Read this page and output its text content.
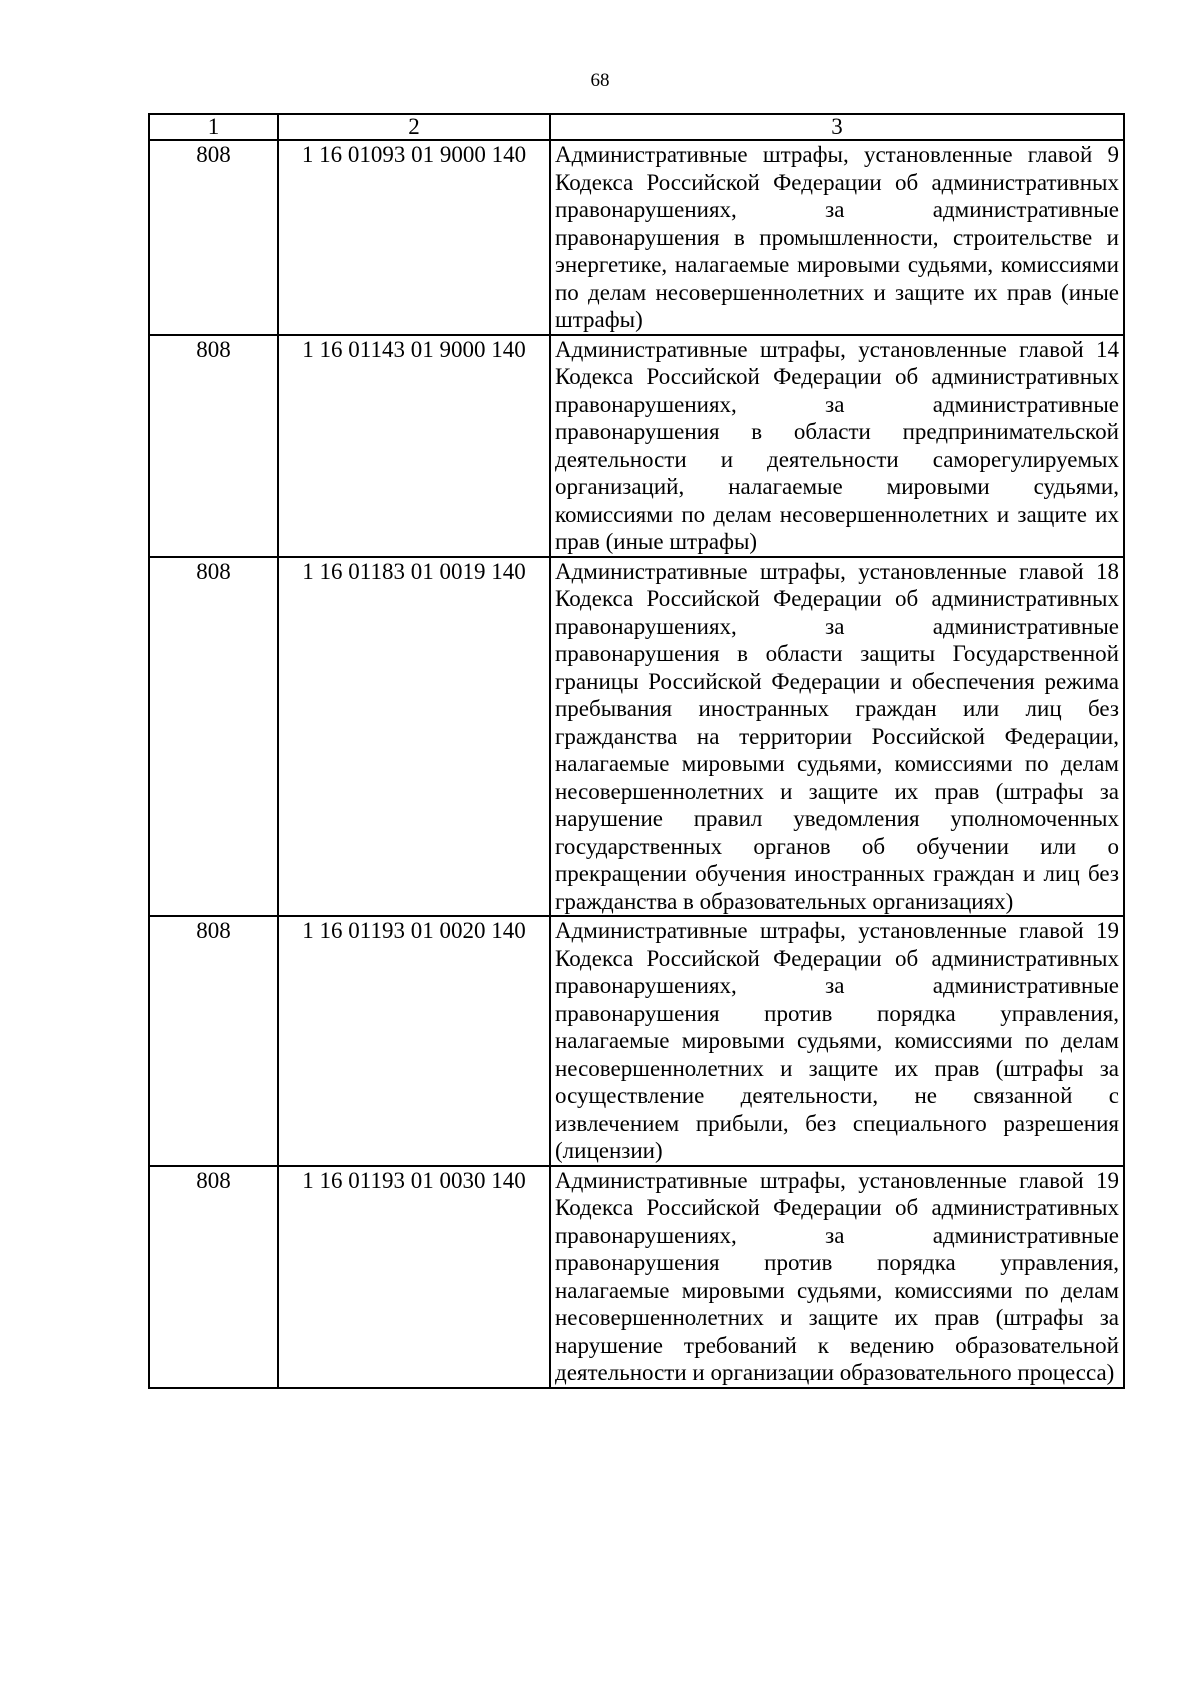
68
1	2	3
808	1 16 01093 01 9000 140	Административные штрафы, установленные главой 9 Кодекса Российской Федерации об административных правонарушениях, за административные правонарушения в промышленности, строительстве и энергетике, налагаемые мировыми судьями, комиссиями по делам несовершеннолетних и защите их прав (иные штрафы)
808	1 16 01143 01 9000 140	Административные штрафы, установленные главой 14 Кодекса Российской Федерации об административных правонарушениях, за административные правонарушения в области предпринимательской деятельности и деятельности саморегулируемых организаций, налагаемые мировыми судьями, комиссиями по делам несовершеннолетних и защите их прав (иные штрафы)
808	1 16 01183 01 0019 140	Административные штрафы, установленные главой 18 Кодекса Российской Федерации об административных правонарушениях, за административные правонарушения в области защиты Государственной границы Российской Федерации и обеспечения режима пребывания иностранных граждан или лиц без гражданства на территории Российской Федерации, налагаемые мировыми судьями, комиссиями по делам несовершеннолетних и защите их прав (штрафы за нарушение правил уведомления уполномоченных государственных органов об обучении или о прекращении обучения иностранных граждан и лиц без гражданства в образовательных организациях)
808	1 16 01193 01 0020 140	Административные штрафы, установленные главой 19 Кодекса Российской Федерации об административных правонарушениях, за административные правонарушения против порядка управления, налагаемые мировыми судьями, комиссиями по делам несовершеннолетних и защите их прав (штрафы за осуществление деятельности, не связанной с извлечением прибыли, без специального разрешения (лицензии)
808	1 16 01193 01 0030 140	Административные штрафы, установленные главой 19 Кодекса Российской Федерации об административных правонарушениях, за административные правонарушения против порядка управления, налагаемые мировыми судьями, комиссиями по делам несовершеннолетних и защите их прав (штрафы за нарушение требований к ведению образовательной деятельности и организации образовательного процесса)
